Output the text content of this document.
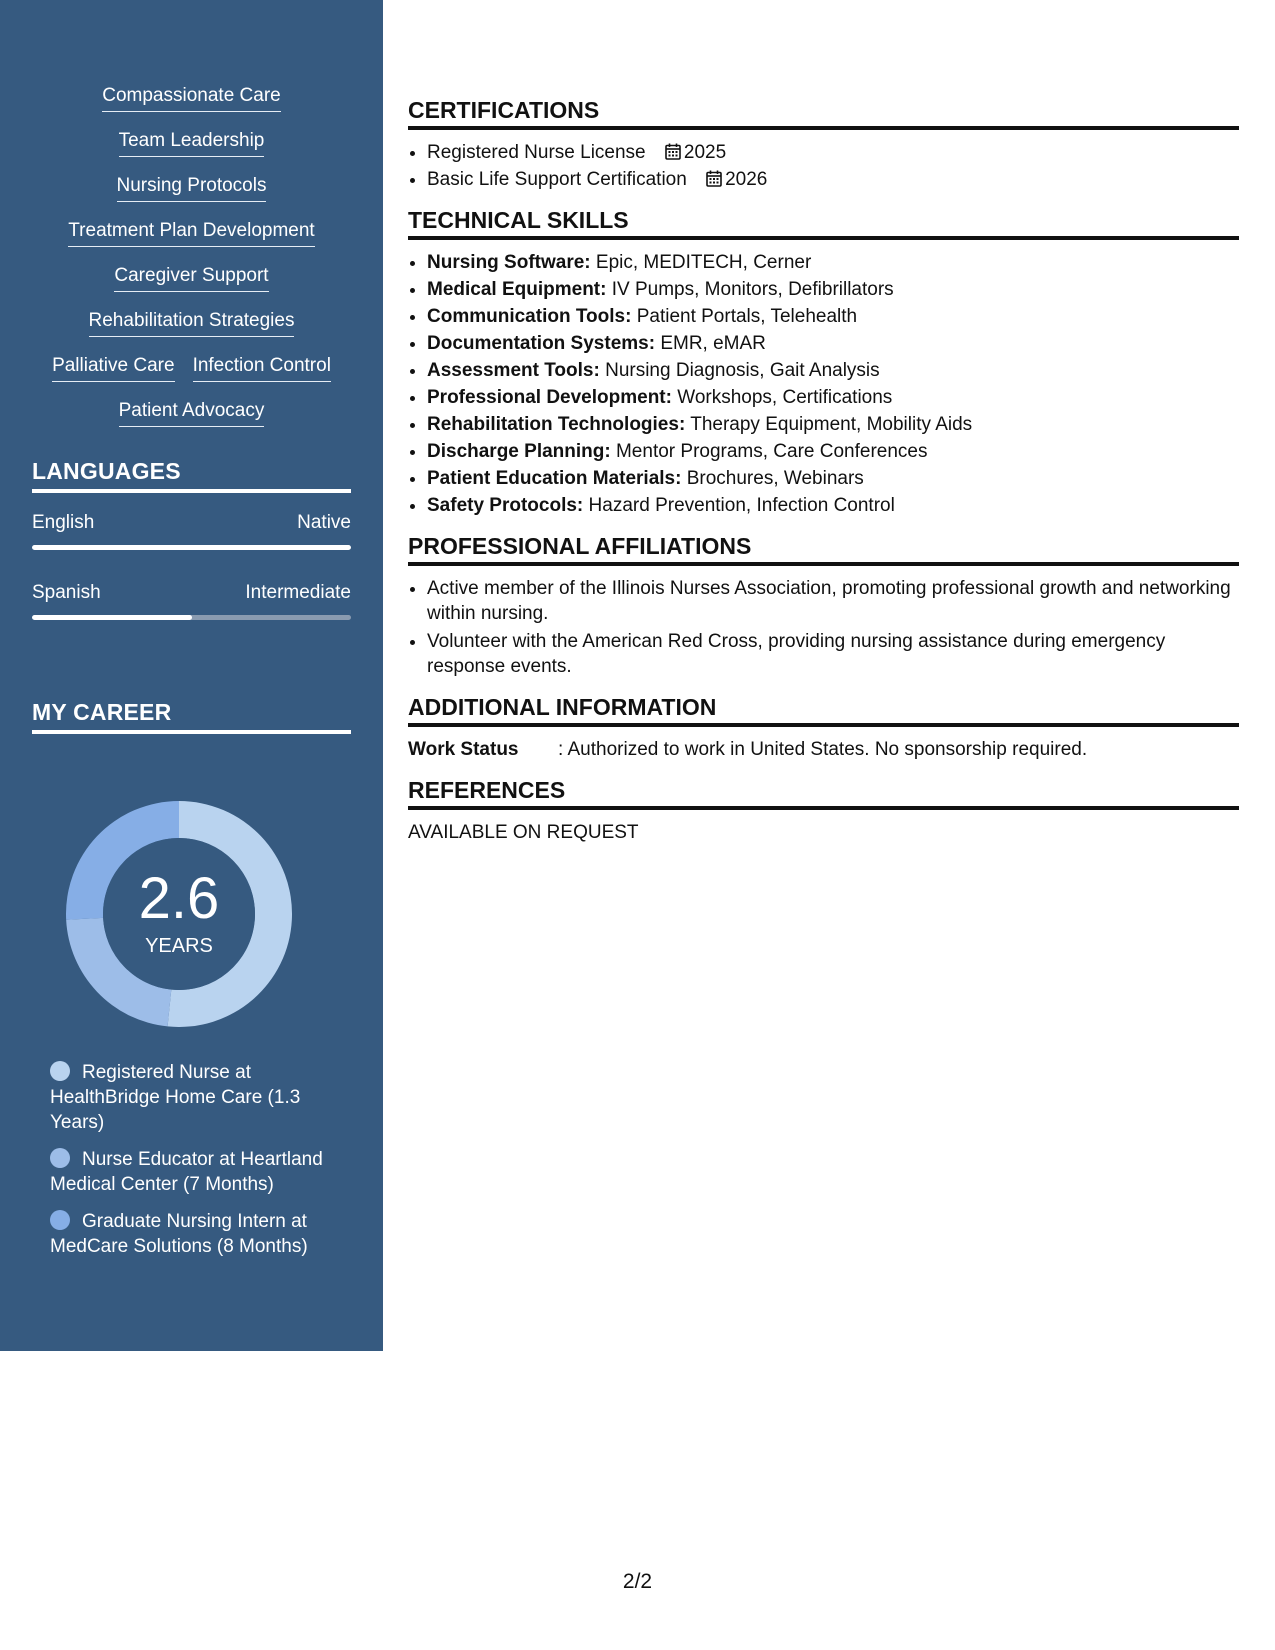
Compassionate Care
Team Leadership
Nursing Protocols
Treatment Plan Development
Caregiver Support
Rehabilitation Strategies
Palliative Care Infection Control
Patient Advocacy
LANGUAGES
English	Native
Spanish	Intermediate
MY CAREER
2.6
YEARS
Registered Nurse at HealthBridge Home Care (1.3 Years)
Nurse Educator at Heartland Medical Center (7 Months)
Graduate Nursing Intern at MedCare Solutions (8 Months)
CERTIFICATIONS
• Registered Nurse License 2025
• Basic Life Support Certification 2026
TECHNICAL SKILLS
• Nursing Software: Epic, MEDITECH, Cerner
• Medical Equipment: IV Pumps, Monitors, Defibrillators
• Communication Tools: Patient Portals, Telehealth
• Documentation Systems: EMR, eMAR
• Assessment Tools: Nursing Diagnosis, Gait Analysis
• Professional Development: Workshops, Certifications
• Rehabilitation Technologies: Therapy Equipment, Mobility Aids
• Discharge Planning: Mentor Programs, Care Conferences
• Patient Education Materials: Brochures, Webinars
• Safety Protocols: Hazard Prevention, Infection Control
PROFESSIONAL AFFILIATIONS
• Active member of the Illinois Nurses Association, promoting professional growth and networking within nursing.
• Volunteer with the American Red Cross, providing nursing assistance during emergency response events.
ADDITIONAL INFORMATION
Work Status	: Authorized to work in United States. No sponsorship required.
REFERENCES
AVAILABLE ON REQUEST
2/2
